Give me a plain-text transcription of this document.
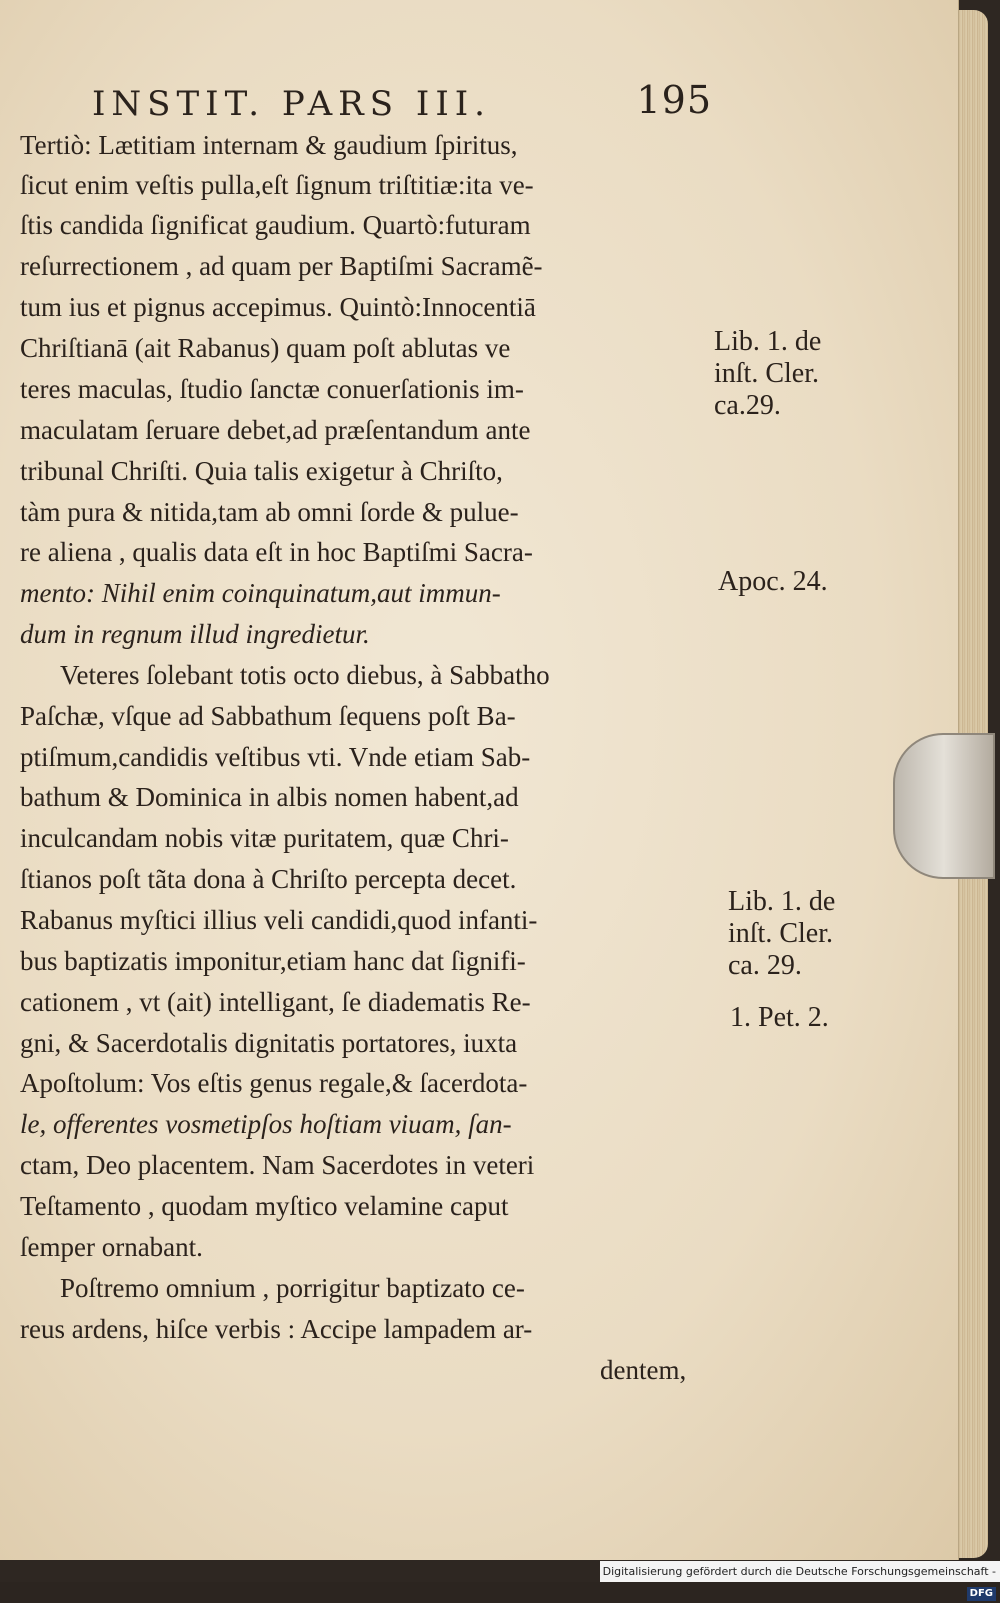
INSTIT. PARS III.	195
Tertiò: Lætitiam internam & gaudium ſpiritus,
ſicut enim veſtis pulla,eſt ſignum triſtitiæ:ita ve-
ſtis candida ſignificat gaudium. Quartò:futuram
reſurrectionem , ad quam per Baptiſmi Sacramẽ-
tum ius et pignus accepimus. Quintò:Innocentiā
Chriſtianā (ait Rabanus) quam poſt ablutas ve
teres maculas, ſtudio ſanctæ conuerſationis im-
maculatam ſeruare debet,ad præſentandum ante
tribunal Chriſti. Quia talis exigetur à Chriſto,
tàm pura & nitida,tam ab omni ſorde & pulue-
re aliena , qualis data eſt in hoc Baptiſmi Sacra-
mento: Nihil enim coinquinatum,aut immun-
dum in regnum illud ingredietur.
Veteres ſolebant totis octo diebus, à Sabbatho
Paſchæ, vſque ad Sabbathum ſequens poſt Ba-
ptiſmum,candidis veſtibus vti. Vnde etiam Sab-
bathum & Dominica in albis nomen habent,ad
inculcandam nobis vitæ puritatem, quæ Chri-
ſtianos poſt tãta dona à Chriſto percepta decet.
Rabanus myſtici illius veli candidi,quod infanti-
bus baptizatis imponitur,etiam hanc dat ſignifi-
cationem , vt (ait) intelligant, ſe diadematis Re-
gni, & Sacerdotalis dignitatis portatores, iuxta
Apoſtolum: Vos eſtis genus regale,& ſacerdota-
le, offerentes vosmetipſos hoſtiam viuam, ſan-
ctam, Deo placentem. Nam Sacerdotes in veteri
Teſtamento , quodam myſtico velamine caput
ſemper ornabant.
Poſtremo omnium , porrigitur baptizato ce-
reus ardens, hiſce verbis : Accipe lampadem ar-
dentem,
Lib. 1. de
inſt. Cler.
ca.29.
Apoc. 24.
Lib. 1. de
inſt. Cler.
ca. 29.
1. Pet. 2.
Digitalisierung gefördert durch die Deutsche Forschungsgemeinschaft -DFG
